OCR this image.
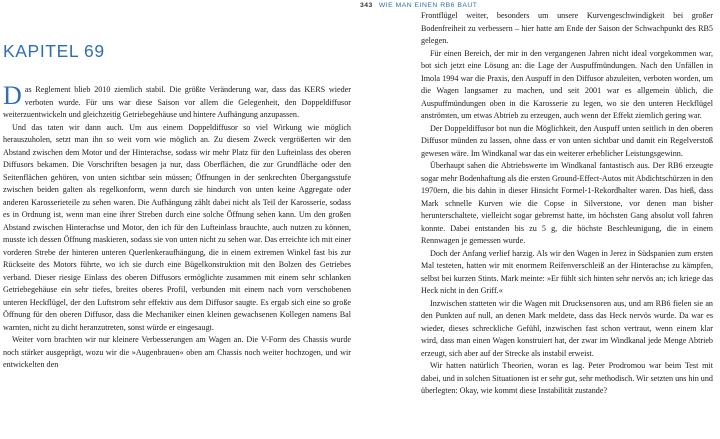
KAPITEL 69

Das Reglement blieb 2010 ziemlich stabil. Die größte Veränderung war, dass das KERS wieder verboten wurde. Für uns war diese Saison vor allem die Gelegenheit, den Doppeldiffusor weiterzuentwickeln und gleichzeitig Getriebegehäuse und hintere Aufhängung anzupassen.

Und das taten wir dann auch. Um aus einem Doppeldiffusor so viel Wirkung wie möglich herauszuholen, setzt man ihn so weit vorn wie möglich an. Zu diesem Zweck vergrößerten wir den Abstand zwischen dem Motor und der Hinterachse, sodass wir mehr Platz für den Lufteinlass des oberen Diffusors bekamen. Die Vorschriften besagen ja nur, dass Oberflächen, die zur Grundfläche oder den Seitenflächen gehören, von unten sichtbar sein müssen; Öffnungen in der senkrechten Übergangsstufe zwischen beiden galten als regelkonform, wenn durch sie hindurch von unten keine Aggregate oder anderen Karosserieteile zu sehen waren. Die Aufhängung zählt dabei nicht als Teil der Karosserie, sodass es in Ordnung ist, wenn man eine ihrer Streben durch eine solche Öffnung sehen kann. Um den großen Abstand zwischen Hinterachse und Motor, den ich für den Lufteinlass brauchte, auch nutzen zu können, musste ich dessen Öffnung maskieren, sodass sie von unten nicht zu sehen war. Das erreichte ich mit einer vorderen Strebe der hinteren unteren Querlenkeraufhängung, die in einem extremen Winkel fast bis zur Rückseite des Motors führte, wo ich sie durch eine Bügelkonstruktion mit den Bolzen des Getriebes verband. Dieser riesige Einlass des oberen Diffusors ermöglichte zusammen mit einem sehr schlanken Getriebegehäuse ein sehr tiefes, breites oberes Profil, verbunden mit einem nach vorn verschobenen unteren Heckflügel, der den Luftstrom sehr effektiv aus dem Diffusor saugte. Es ergab sich eine so große Öffnung für den oberen Diffusor, dass die Mechaniker einen kleinen gewachsenen Kollegen namens Bal warnten, nicht zu dicht heranzutreten, sonst würde er eingesaugt.

Weiter vorn brachten wir nur kleinere Verbesserungen am Wagen an. Die V-Form des Chassis wurde noch stärker ausgeprägt, wozu wir die »Augenbrauen« oben am Chassis noch weiter hochzogen, und wir entwickelten den

343 WIE MAN EINEN RB6 BAUT

Frontflügel weiter, besonders um unsere Kurvengeschwindigkeit bei großer Bodenfreiheit zu verbessern – hier hatte am Ende der Saison der Schwachpunkt des RB5 gelegen.

Für einen Bereich, der mir in den vergangenen Jahren nicht ideal vorgekommen war, bot sich jetzt eine Lösung an: die Lage der Auspuffmündungen. Nach den Unfällen in Imola 1994 war die Praxis, den Auspuff in den Diffusor abzuleiten, verboten worden, um die Wagen langsamer zu machen, und seit 2001 war es allgemein üblich, die Auspuffmündungen oben in die Karosserie zu legen, wo sie den unteren Heckflügel anströmten, um etwas Abtrieb zu erzeugen, auch wenn der Effekt ziemlich gering war.

Der Doppeldiffusor bot nun die Möglichkeit, den Auspuff unten seitlich in den oberen Diffusor münden zu lassen, ohne dass er von unten sichtbar und damit ein Regelverstoß gewesen wäre. Im Windkanal war das ein weiterer erheblicher Leistungsgewinn.

Überhaupt sahen die Abtriebswerte im Windkanal fantastisch aus. Der RB6 erzeugte sogar mehr Bodenhaftung als die ersten Ground-Effect-Autos mit Abdichtschürzen in den 1970ern, die bis dahin in dieser Hinsicht Formel-1-Rekordhalter waren. Das hieß, dass Mark schnelle Kurven wie die Copse in Silverstone, vor denen man bisher herunterschaltete, vielleicht sogar gebremst hatte, im höchsten Gang absolut voll fahren konnte. Dabei entstanden bis zu 5 g, die höchste Beschleunigung, die in einem Rennwagen je gemessen wurde.

Doch der Anfang verlief harzig. Als wir den Wagen in Jerez in Südspanien zum ersten Mal testeten, hatten wir mit enormem Reifenverschleiß an der Hinterachse zu kämpfen, selbst bei kurzen Stints. Mark meinte: »Er fühlt sich hinten sehr nervös an; ich kriege das Heck nicht in den Griff.«

Inzwischen statteten wir die Wagen mit Drucksensoren aus, und am RB6 fielen sie an den Punkten auf null, an denen Mark meldete, dass das Heck nervös wurde. Da war es wieder, dieses schreckliche Gefühl, inzwischen fast schon vertraut, wenn einem klar wird, dass man einen Wagen konstruiert hat, der zwar im Windkanal jede Menge Abtrieb erzeugt, sich aber auf der Strecke als instabil erweist.

Wir hatten natürlich Theorien, woran es lag. Peter Prodromou war beim Test mit dabei, und in solchen Situationen ist er sehr gut, sehr methodisch. Wir setzten uns hin und überlegten: Okay, wie kommt diese Instabilität zustande?
